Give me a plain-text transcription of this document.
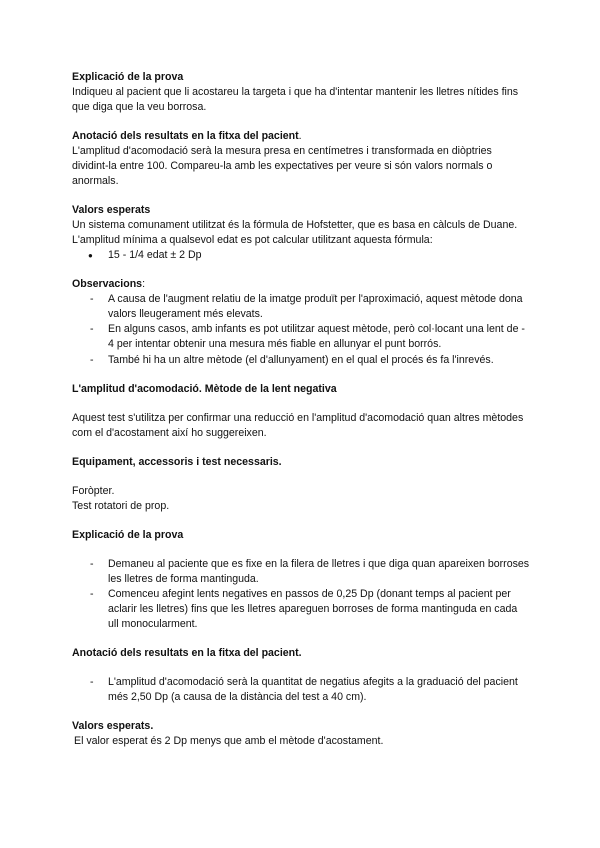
Explicació de la prova

Indiqueu al pacient que li acostareu la targeta i que ha d'intentar mantenir les lletres nítides fins que diga que la veu borrosa.

Anotació dels resultats en la fitxa del pacient.

L'amplitud d'acomodació serà la mesura presa en centímetres i transformada en diòptries dividint-la entre 100. Compareu-la amb les expectatives per veure si són valors normals o anormals.

Valors esperats

Un sistema comunament utilitzat és la fórmula de Hofstetter, que es basa en càlculs de Duane.

L'amplitud mínima a qualsevol edat es pot calcular utilitzant aquesta fórmula:

● 15 - 1/4 edat ± 2 Dp

Observacions:

- A causa de l'augment relatiu de la imatge produït per l'aproximació, aquest mètode dona valors lleugerament més elevats.
- En alguns casos, amb infants es pot utilitzar aquest mètode, però col·locant una lent de - 4 per intentar obtenir una mesura més fiable en allunyar el punt borrós.
- També hi ha un altre mètode (el d'allunyament) en el qual el procés és fa l'inrevés.

L'amplitud d'acomodació. Mètode de la lent negativa

Aquest test s'utilitza per confirmar una reducció en l'amplitud d'acomodació quan altres mètodes com el d'acostament així ho suggereixen.

Equipament, accessoris i test necessaris.

Foròpter.

Test rotatori de prop.

Explicació de la prova

- Demaneu al paciente que es fixe en la filera de lletres i que diga quan apareixen borroses les lletres de forma mantinguda.
- Comenceu afegint lents negatives en passos de 0,25 Dp (donant temps al pacient per aclarir les lletres) fins que les lletres apareguen borroses de forma mantinguda en cada ull monocularment.

Anotació dels resultats en la fitxa del pacient.

- L'amplitud d'acomodació serà la quantitat de negatius afegits a la graduació del pacient més 2,50 Dp (a causa de la distància del test a 40 cm).

Valors esperats.

El valor esperat és 2 Dp menys que amb el mètode d'acostament.
